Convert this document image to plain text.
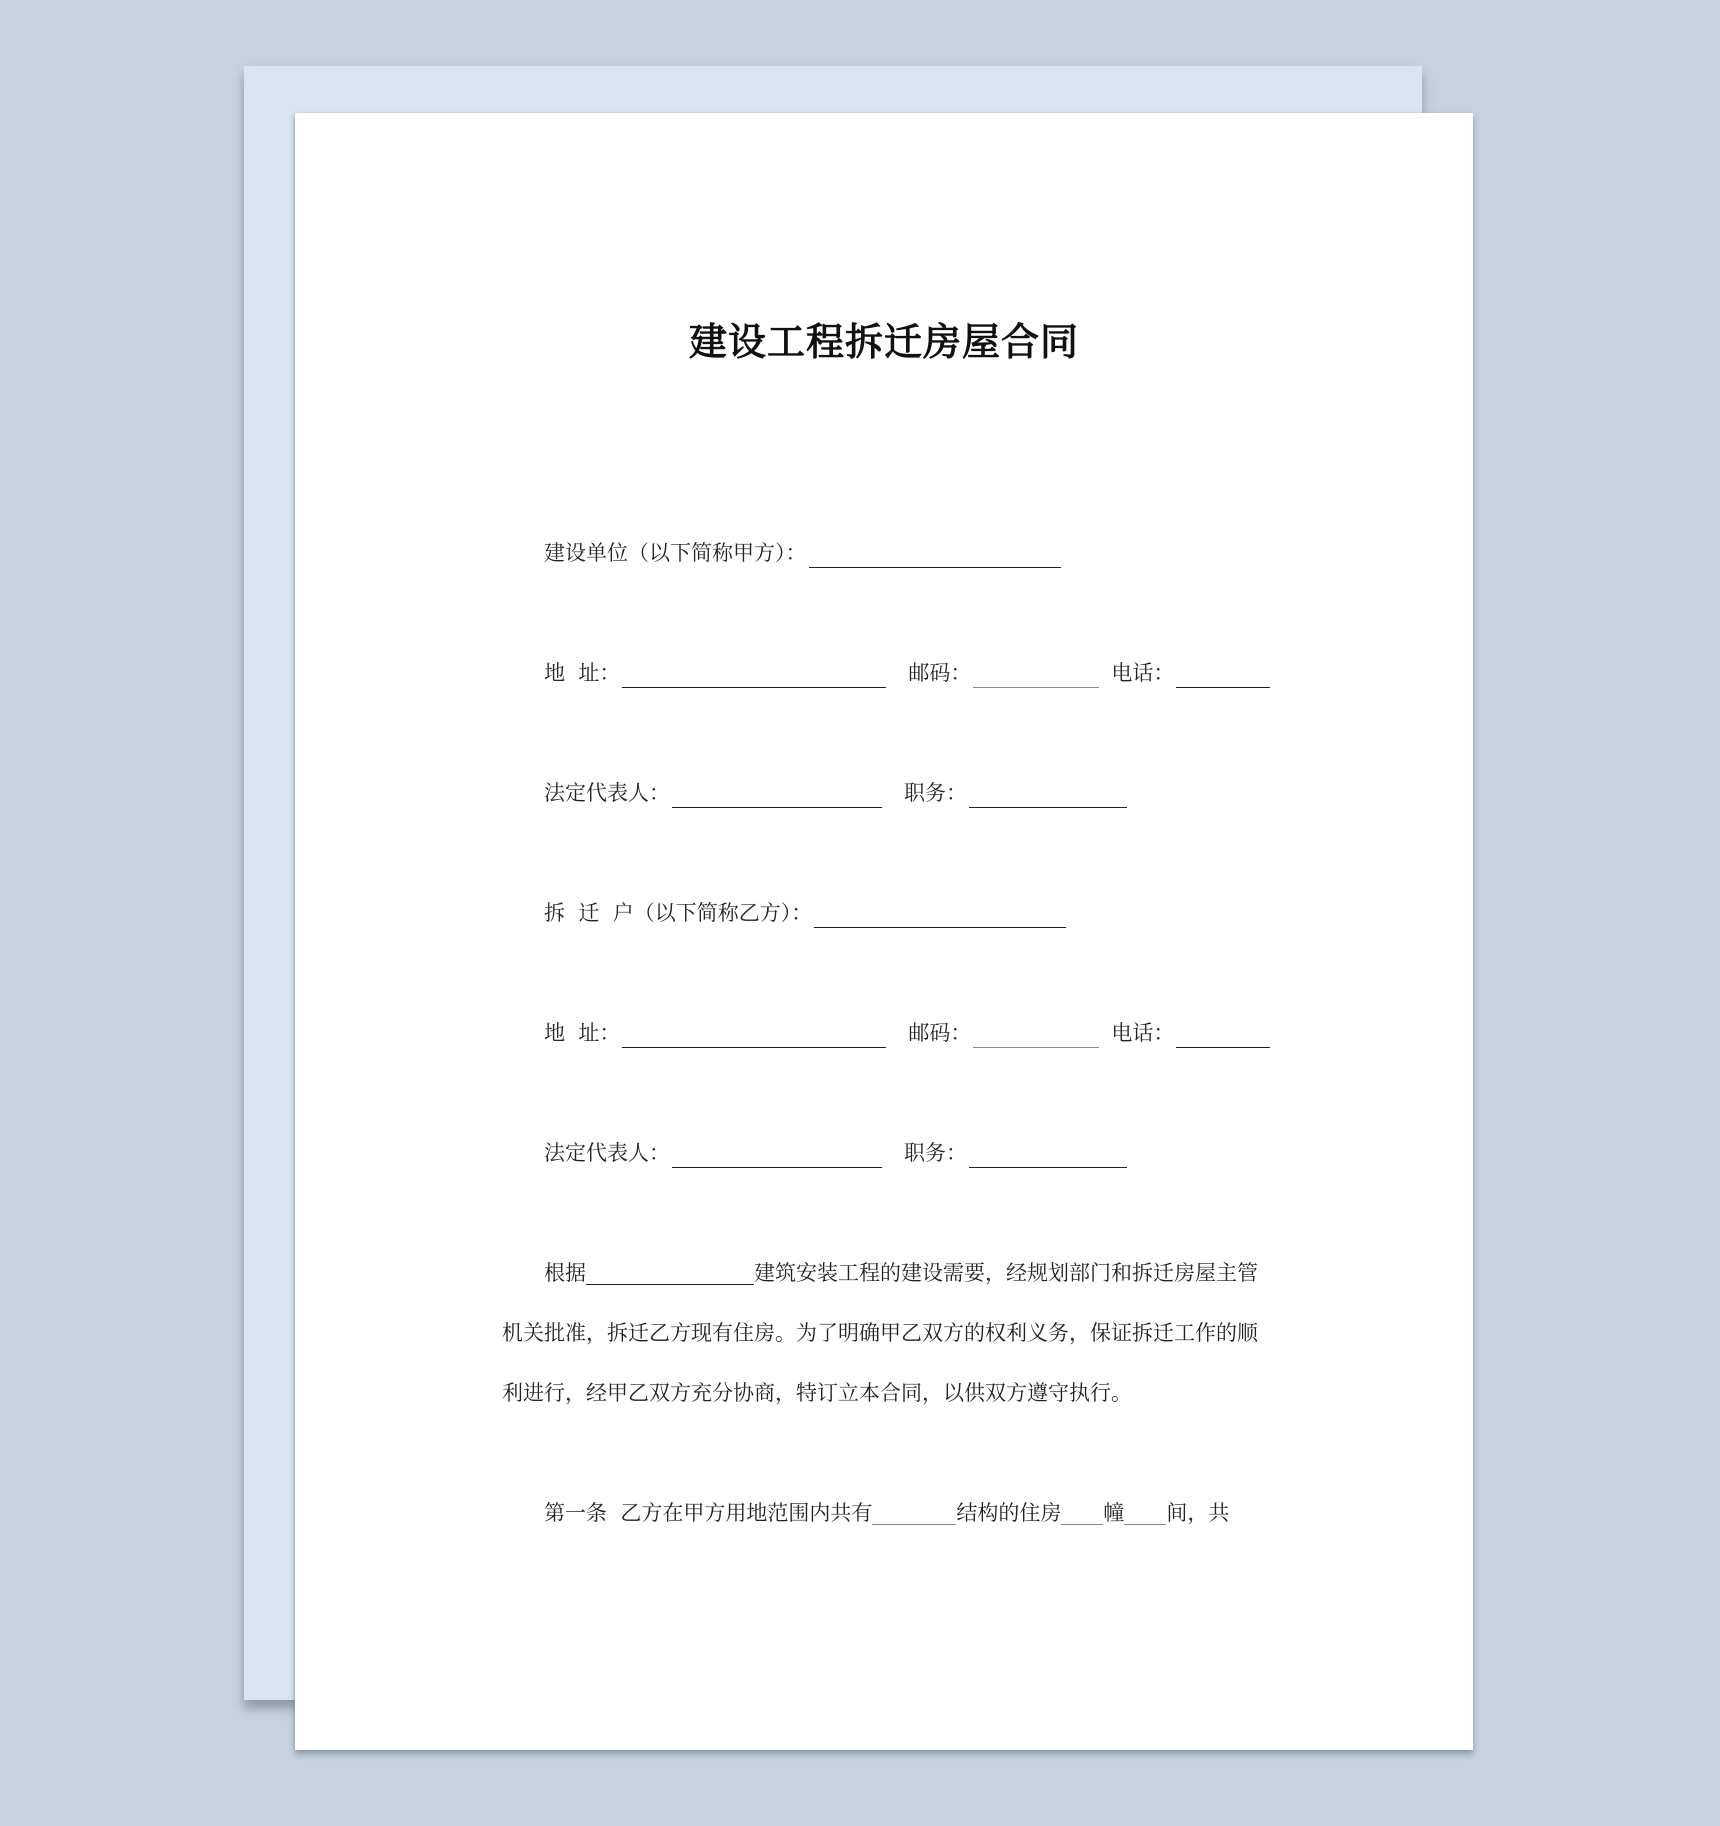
建设工程拆迁房屋合同
建设单位（以下简称甲方）：
地  址：	邮码：	电话：
法定代表人：	职务：
拆  迁  户（以下简称乙方）：
地  址：	邮码：	电话：
法定代表人：	职务：
根据	建筑安装工程的建设需要，经规划部门和拆迁房屋主管
机关批准，拆迁乙方现有住房。为了明确甲乙双方的权利义务，保证拆迁工作的顺
利进行，经甲乙双方充分协商，特订立本合同，以供双方遵守执行。
第一条  乙方在甲方用地范围内共有	结构的住房 幢 间，共
